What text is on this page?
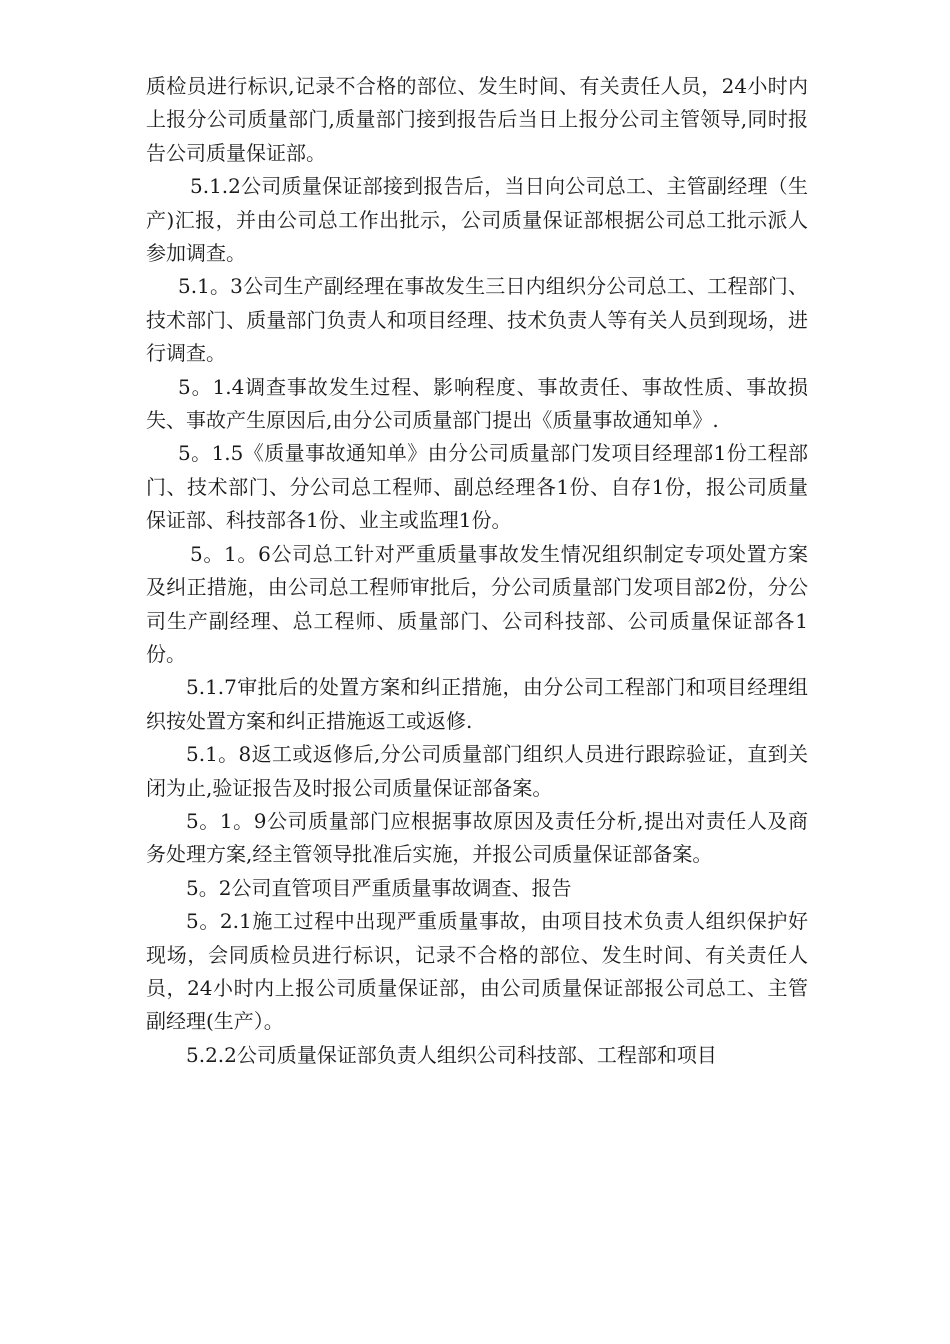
质检员进行标识,记录不合格的部位、发生时间、有关责任人员，24小时内上报分公司质量部门,质量部门接到报告后当日上报分公司主管领导,同时报告公司质量保证部。

5.1.2公司质量保证部接到报告后，当日向公司总工、主管副经理（生产)汇报，并由公司总工作出批示，公司质量保证部根据公司总工批示派人参加调查。

5.1。3公司生产副经理在事故发生三日内组织分公司总工、工程部门、技术部门、质量部门负责人和项目经理、技术负责人等有关人员到现场，进行调查。

5。1.4调查事故发生过程、影响程度、事故责任、事故性质、事故损失、事故产生原因后,由分公司质量部门提出《质量事故通知单》.

5。1.5《质量事故通知单》由分公司质量部门发项目经理部1份工程部门、技术部门、分公司总工程师、副总经理各1份、自存1份，报公司质量保证部、科技部各1份、业主或监理1份。

5。1。6公司总工针对严重质量事故发生情况组织制定专项处置方案及纠正措施，由公司总工程师审批后，分公司质量部门发项目部2份，分公司生产副经理、总工程师、质量部门、公司科技部、公司质量保证部各1份。

5.1.7审批后的处置方案和纠正措施，由分公司工程部门和项目经理组织按处置方案和纠正措施返工或返修.

5.1。8返工或返修后,分公司质量部门组织人员进行跟踪验证，直到关闭为止,验证报告及时报公司质量保证部备案。

5。1。9公司质量部门应根据事故原因及责任分析,提出对责任人及商务处理方案,经主管领导批准后实施，并报公司质量保证部备案。

5。2公司直管项目严重质量事故调查、报告

5。2.1施工过程中出现严重质量事故，由项目技术负责人组织保护好现场，会同质检员进行标识，记录不合格的部位、发生时间、有关责任人员，24小时内上报公司质量保证部，由公司质量保证部报公司总工、主管副经理(生产）。

5.2.2公司质量保证部负责人组织公司科技部、工程部和项目
